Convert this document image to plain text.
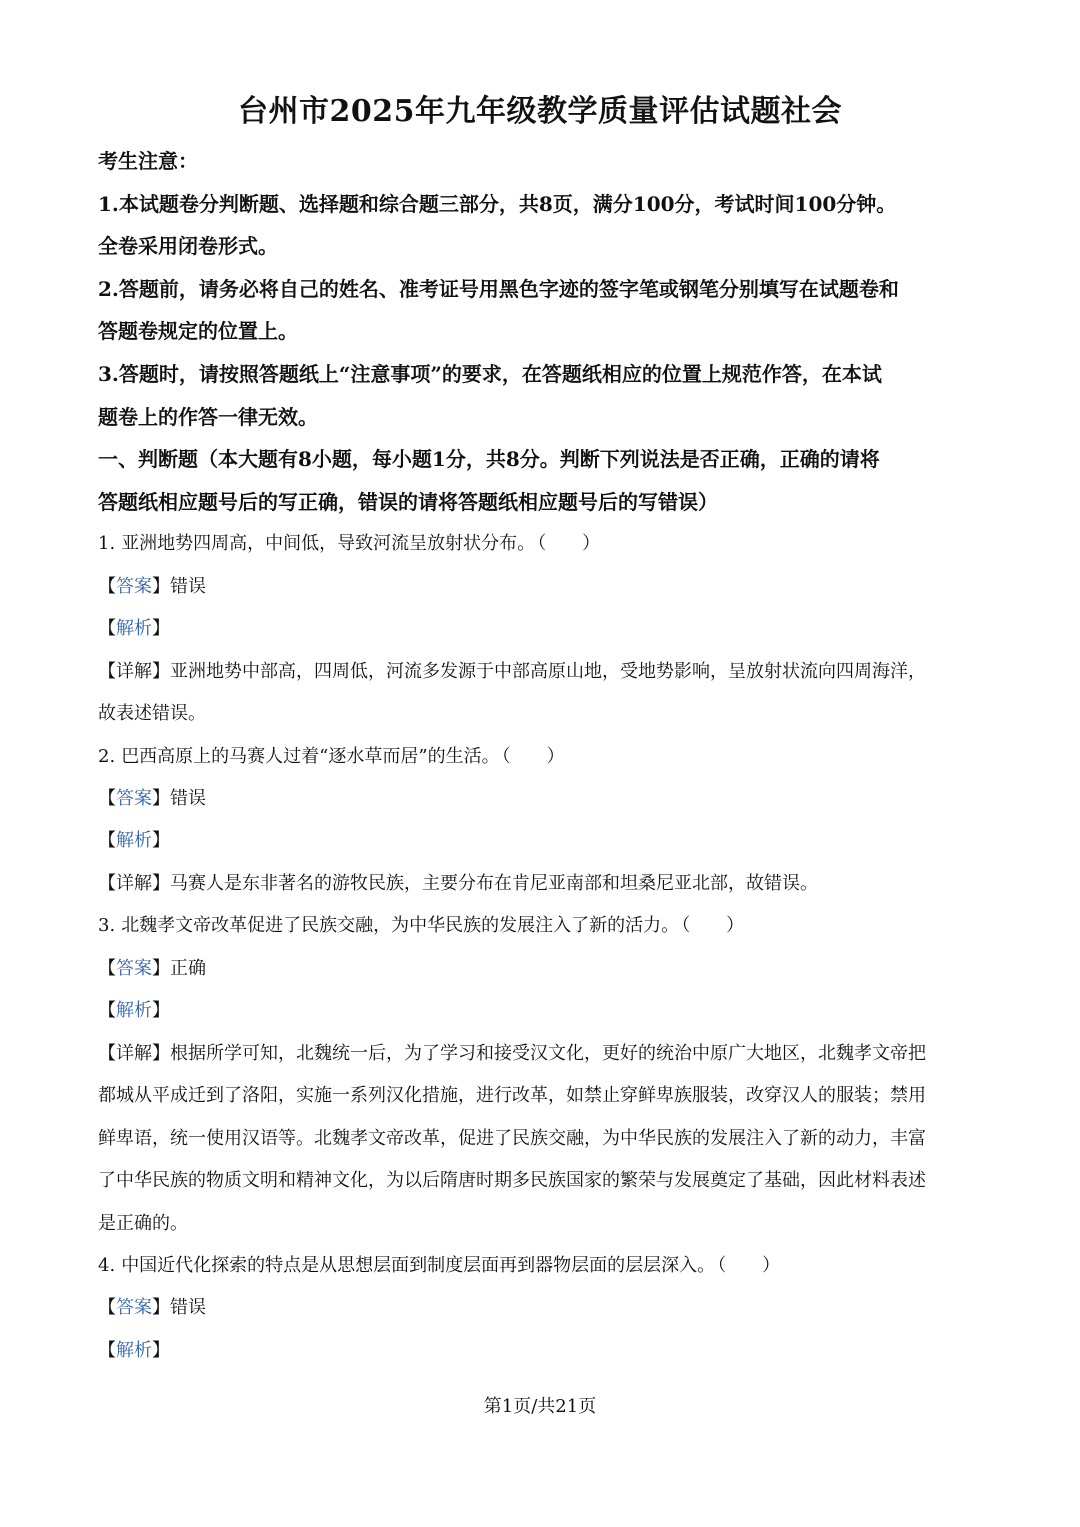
台州市2025年九年级教学质量评估试题社会

考生注意：

1.本试题卷分判断题、选择题和综合题三部分，共8页，满分100分，考试时间100分钟。

全卷采用闭卷形式。

2.答题前，请务必将自己的姓名、准考证号用黑色字迹的签字笔或钢笔分别填写在试题卷和

答题卷规定的位置上。

3.答题时，请按照答题纸上“注意事项”的要求，在答题纸相应的位置上规范作答，在本试

题卷上的作答一律无效。

一、判断题（本大题有8小题，每小题1分，共8分。判断下列说法是否正确，正确的请将

答题纸相应题号后的写正确，错误的请将答题纸相应题号后的写错误）

1. 亚洲地势四周高，中间低，导致河流呈放射状分布。 （　　）

【答案】错误

【解析】

【详解】亚洲地势中部高，四周低，河流多发源于中部高原山地，受地势影响，呈放射状流向四周海洋，
故表述错误。

2. 巴西高原上的马赛人过着“逐水草而居”的生活。 （　　）

【答案】错误

【解析】

【详解】马赛人是东非著名的游牧民族，主要分布在肯尼亚南部和坦桑尼亚北部，故错误。

3. 北魏孝文帝改革促进了民族交融，为中华民族的发展注入了新的活力。 （　　）

【答案】正确

【解析】

【详解】根据所学可知，北魏统一后，为了学习和接受汉文化，更好的统治中原广大地区，北魏孝文帝把
都城从平成迁到了洛阳，实施一系列汉化措施，进行改革，如禁止穿鲜卑族服装，改穿汉人的服装；禁用
鲜卑语，统一使用汉语等。北魏孝文帝改革，促进了民族交融，为中华民族的发展注入了新的动力，丰富
了中华民族的物质文明和精神文化，为以后隋唐时期多民族国家的繁荣与发展奠定了基础，因此材料表述
是正确的。

4. 中国近代化探索的特点是从思想层面到制度层面再到器物层面的层层深入。 （　　）

【答案】错误

【解析】

第1页/共21页
